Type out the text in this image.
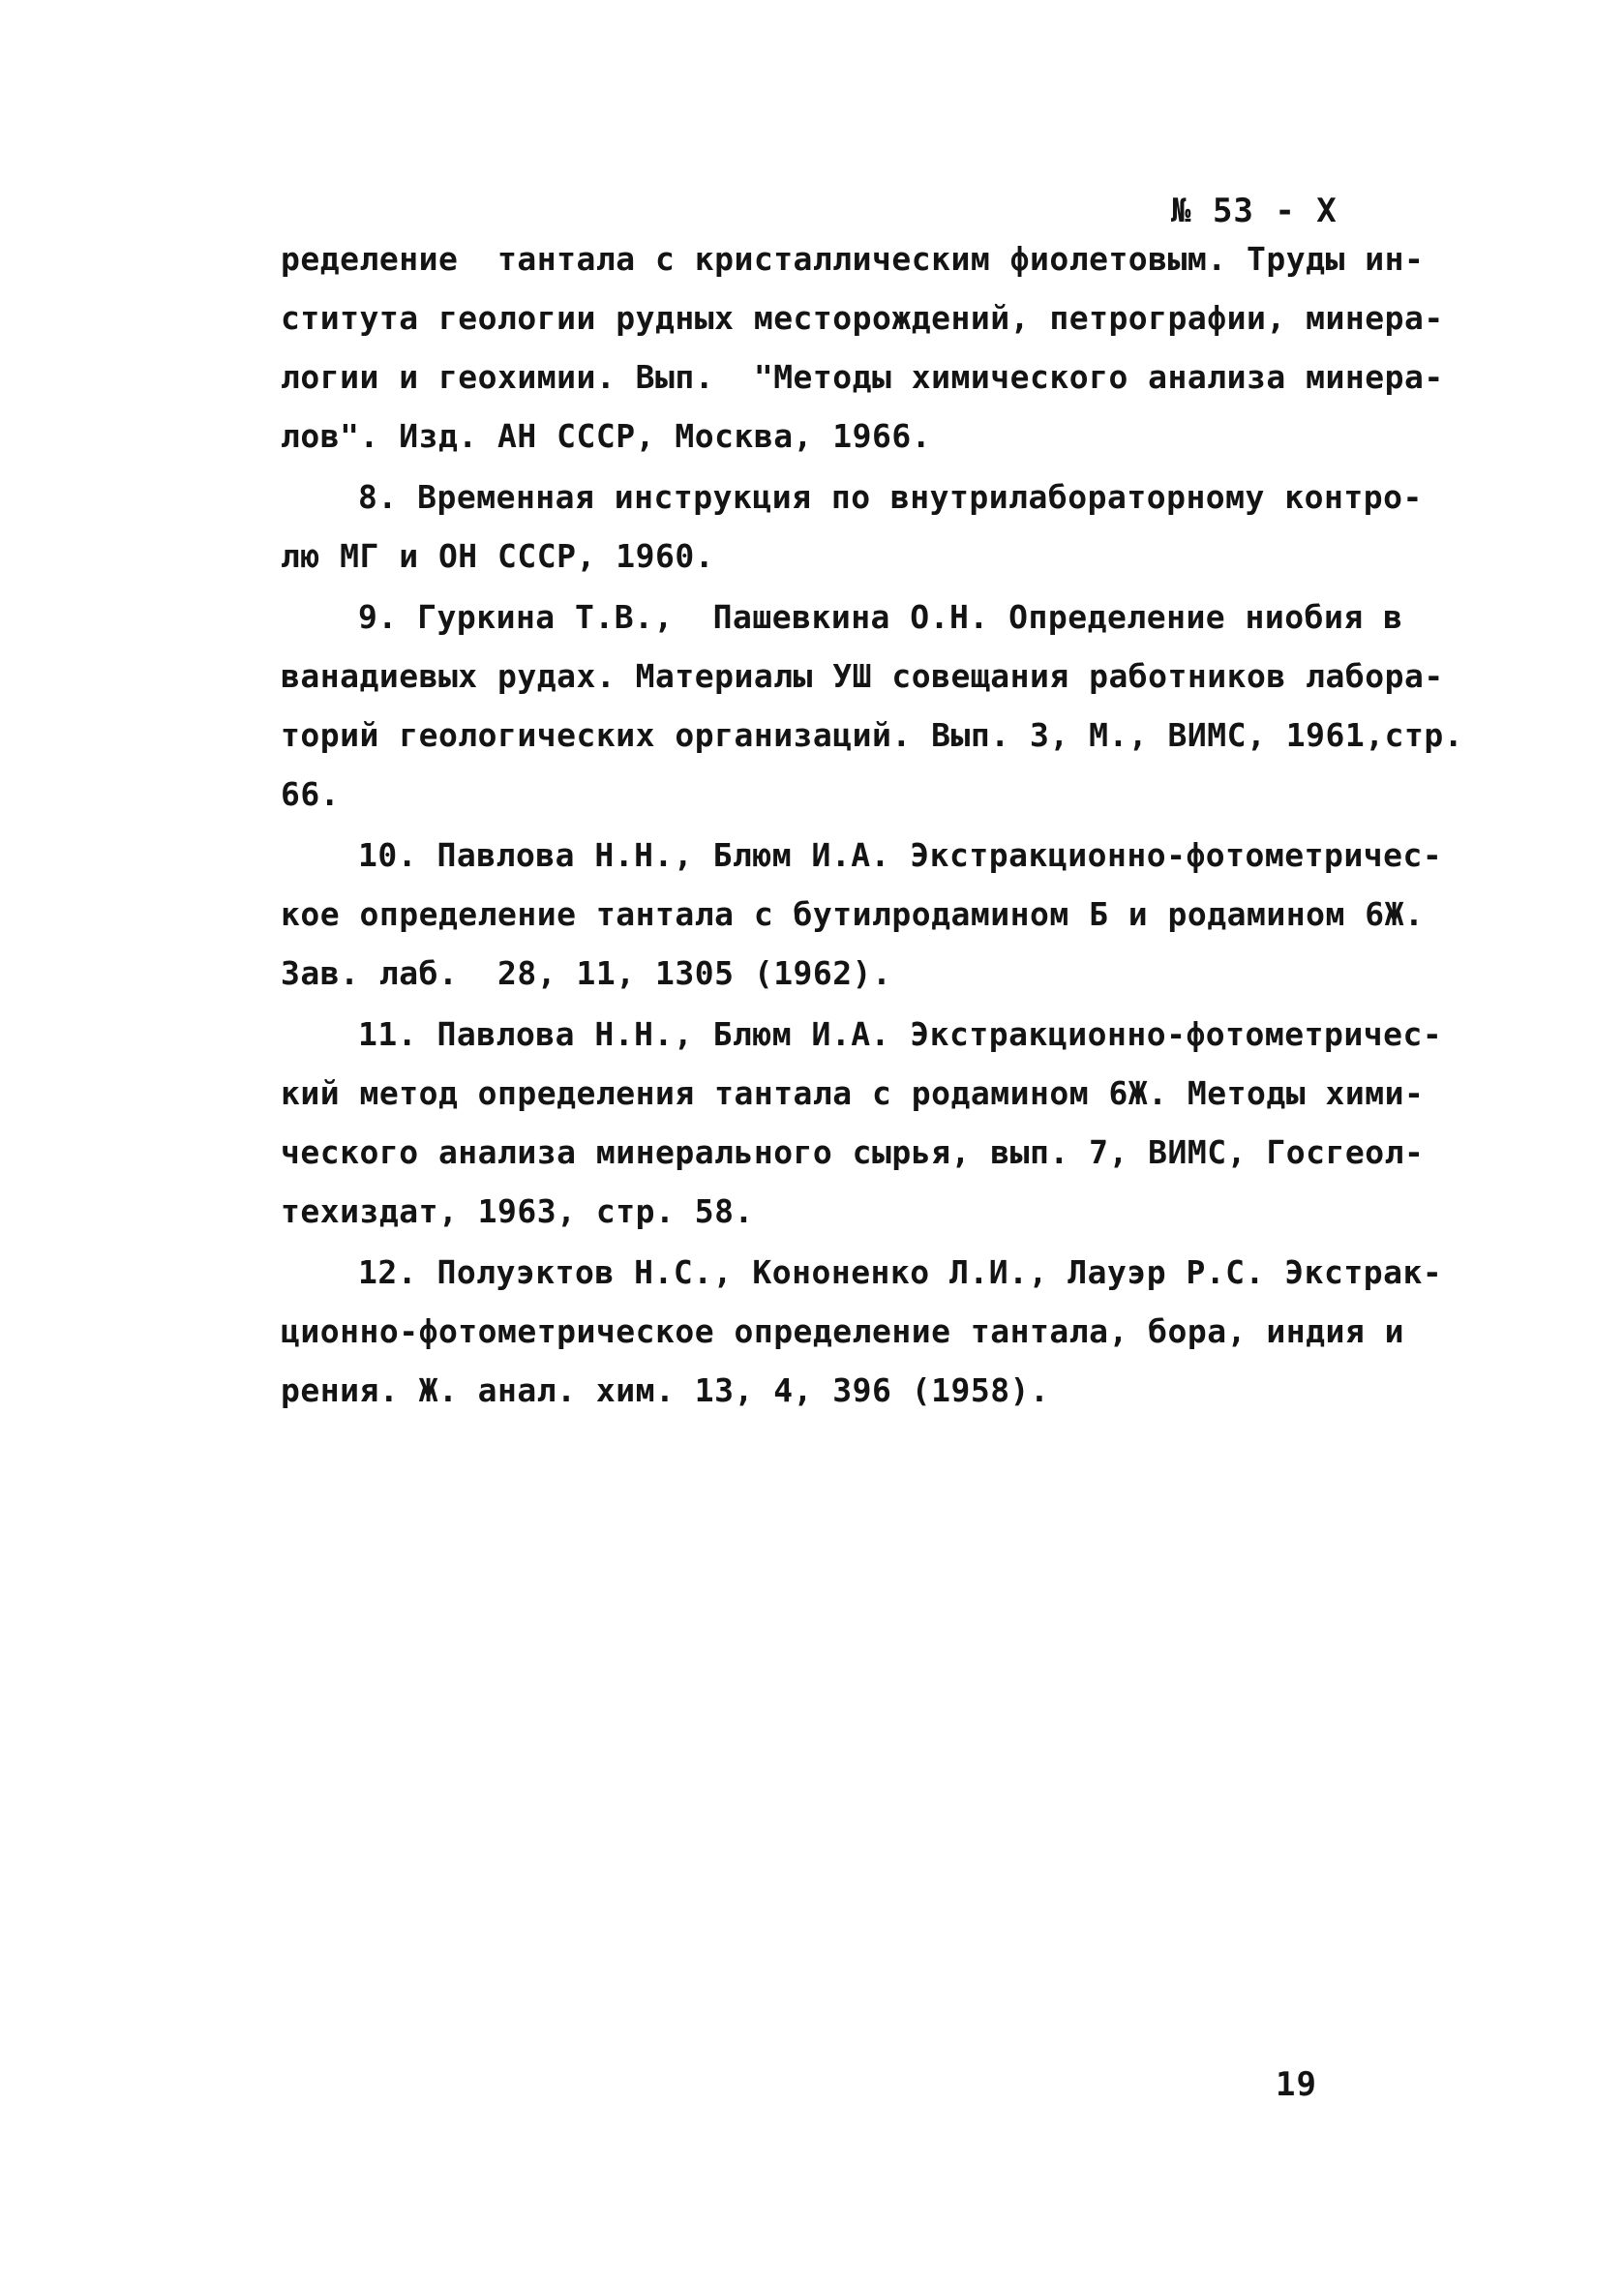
№ 53 - X
ределение  тантала с кристаллическим фиолетовым. Труды ин-
ститута геологии рудных месторождений, петрографии, минера-
логии и геохимии. Вып.  "Методы химического анализа минера-
лов". Изд. АН СССР, Москва, 1966.
8. Временная инструкция по внутрилабораторному контро-
лю МГ и ОН СССР, 1960.
9. Гуркина Т.В.,  Пашевкина О.Н. Определение ниобия в
ванадиевых рудах. Материалы УШ совещания работников лабора-
торий геологических организаций. Вып. 3, М., ВИМС, 1961,стр.
66.
10. Павлова Н.Н., Блюм И.А. Экстракционно-фотометричес-
кое определение тантала с бутилродамином Б и родамином 6Ж.
Зав. лаб.  28, 11, 1305 (1962).
11. Павлова Н.Н., Блюм И.А. Экстракционно-фотометричес-
кий метод определения тантала с родамином 6Ж. Методы хими-
ческого анализа минерального сырья, вып. 7, ВИМС, Госгеол-
техиздат, 1963, стр. 58.
12. Полуэктов Н.С., Кононенко Л.И., Лауэр Р.С. Экстрак-
ционно-фотометрическое определение тантала, бора, индия и
рения. Ж. анал. хим. 13, 4, 396 (1958).
19
